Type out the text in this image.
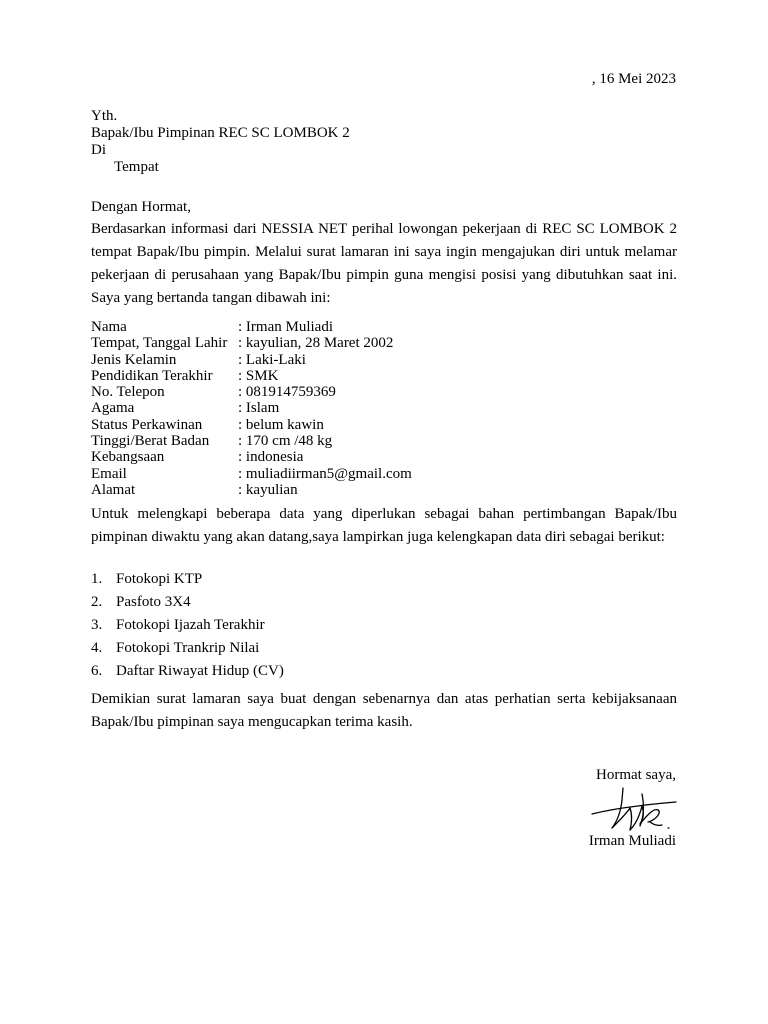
, 16 Mei 2023
Yth.
Bapak/Ibu Pimpinan REC SC LOMBOK 2
Di
Tempat
Dengan Hormat,
Berdasarkan informasi dari NESSIA NET perihal lowongan pekerjaan di REC SC LOMBOK 2 tempat Bapak/Ibu pimpin. Melalui surat lamaran ini saya ingin mengajukan diri untuk melamar pekerjaan di perusahaan yang Bapak/Ibu pimpin guna mengisi posisi yang dibutuhkan saat ini. Saya yang bertanda tangan dibawah ini:
Nama	: Irman Muliadi
Tempat, Tanggal Lahir : kayulian, 28 Maret 2002
Jenis Kelamin	: Laki-Laki
Pendidikan Terakhir	: SMK
No. Telepon	: 081914759369
Agama	: Islam
Status Perkawinan	: belum kawin
Tinggi/Berat Badan	: 170 cm /48 kg
Kebangsaan	: indonesia
Email	: muliadiirman5@gmail.com
Alamat	: kayulian
Untuk melengkapi beberapa data yang diperlukan sebagai bahan pertimbangan Bapak/Ibu pimpinan diwaktu yang akan datang,saya lampirkan juga kelengkapan data diri sebagai berikut:
1. Fotokopi KTP
2. Pasfoto 3X4
3. Fotokopi Ijazah Terakhir
4. Fotokopi Trankrip Nilai
6. Daftar Riwayat Hidup (CV)
Demikian surat lamaran saya buat dengan sebenarnya dan atas perhatian serta kebijaksanaan Bapak/Ibu pimpinan saya mengucapkan terima kasih.
Hormat saya,
Irman Muliadi
